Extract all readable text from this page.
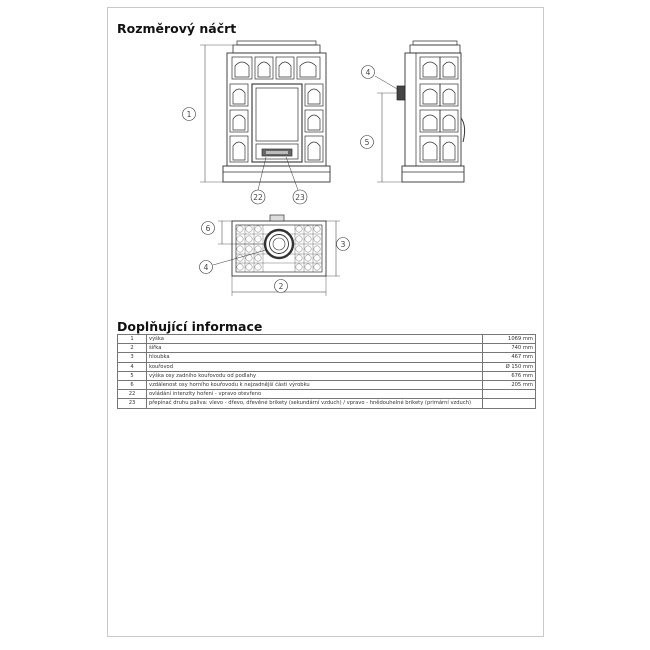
Rozměrový náčrt
1
22	23
4
5
6
4
3
2
Doplňující informace
1	výška	1069 mm
2	šířka	740 mm
3	hloubka	467 mm
4	kouřovod	Ø 150 mm
5	výška osy zadního kouřovodu od podlahy	676 mm
6	vzdálenost osy horního kouřovodu k nejzadnější části výrobku	205 mm
22	ovládání intenzity hoření - vpravo otevřeno	
23	přepínač druhu paliva: vlevo - dřevo, dřevěné brikety (sekundární vzduch) / vpravo - hnědouhelné brikety (primární vzduch)	
